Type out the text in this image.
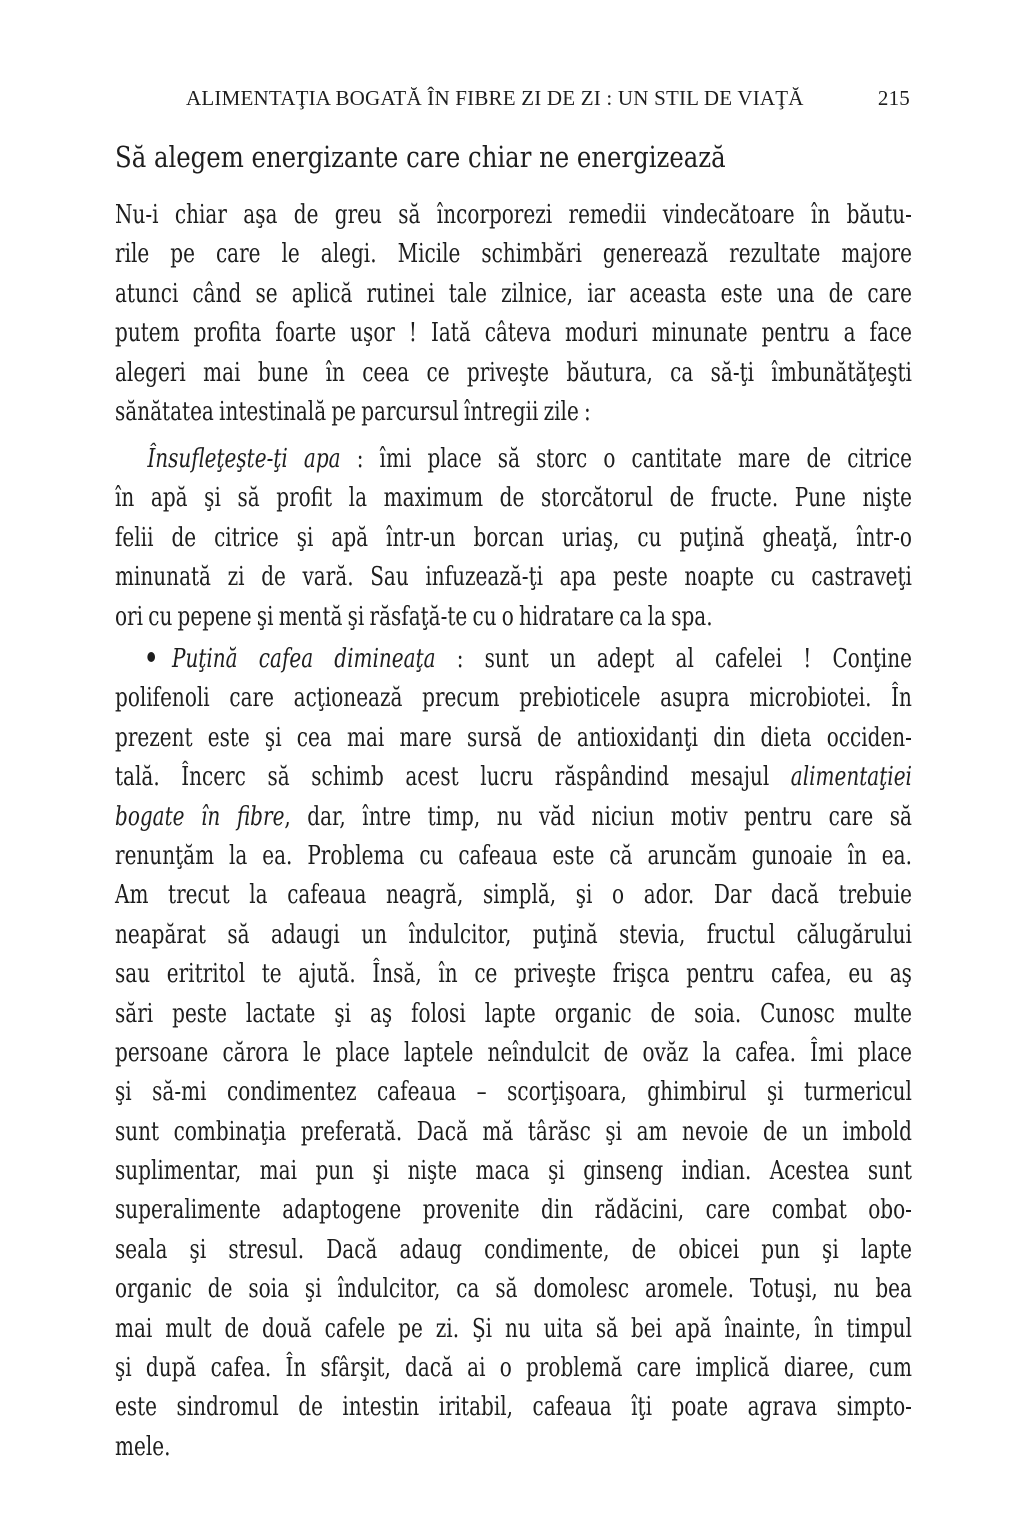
ALIMENTAŢIA BOGATĂ ÎN FIBRE ZI DE ZI : UN STIL DE VIAŢĂ	215
Să alegem energizante care chiar ne energizează
Nu-i chiar aşa de greu să încorporezi remedii vindecătoare în băutu-
rile pe care le alegi. Micile schimbări generează rezultate majore
atunci când se aplică rutinei tale zilnice, iar aceasta este una de care
putem profita foarte uşor ! Iată câteva moduri minunate pentru a face
alegeri mai bune în ceea ce priveşte băutura, ca să-ţi îmbunătăţeşti
sănătatea intestinală pe parcursul întregii zile :
Însufleţeşte-ţi apa : îmi place să storc o cantitate mare de citrice
în apă şi să profit la maximum de storcătorul de fructe. Pune nişte
felii de citrice şi apă într-un borcan uriaş, cu puţină gheaţă, într-o
minunată zi de vară. Sau infuzează-ţi apa peste noapte cu castraveţi
ori cu pepene şi mentă şi răsfaţă-te cu o hidratare ca la spa.
Puţină cafea dimineaţa : sunt un adept al cafelei ! Conţine
polifenoli care acţionează precum prebioticele asupra microbiotei. În
prezent este şi cea mai mare sursă de antioxidanţi din dieta occiden-
tală. Încerc să schimb acest lucru răspândind mesajul alimentaţiei
bogate în fibre, dar, între timp, nu văd niciun motiv pentru care să
renunţăm la ea. Problema cu cafeaua este că aruncăm gunoaie în ea.
Am trecut la cafeaua neagră, simplă, şi o ador. Dar dacă trebuie
neapărat să adaugi un îndulcitor, puţină stevia, fructul călugărului
sau eritritol te ajută. Însă, în ce priveşte frişca pentru cafea, eu aş
sări peste lactate şi aş folosi lapte organic de soia. Cunosc multe
persoane cărora le place laptele neîndulcit de ovăz la cafea. Îmi place
şi să-mi condimentez cafeaua – scorţişoara, ghimbirul şi turmericul
sunt combinaţia preferată. Dacă mă târăsc şi am nevoie de un imbold
suplimentar, mai pun şi nişte maca şi ginseng indian. Acestea sunt
superalimente adaptogene provenite din rădăcini, care combat obo-
seala şi stresul. Dacă adaug condimente, de obicei pun şi lapte
organic de soia şi îndulcitor, ca să domolesc aromele. Totuşi, nu bea
mai mult de două cafele pe zi. Şi nu uita să bei apă înainte, în timpul
şi după cafea. În sfârşit, dacă ai o problemă care implică diaree, cum
este sindromul de intestin iritabil, cafeaua îţi poate agrava simpto-
mele.
